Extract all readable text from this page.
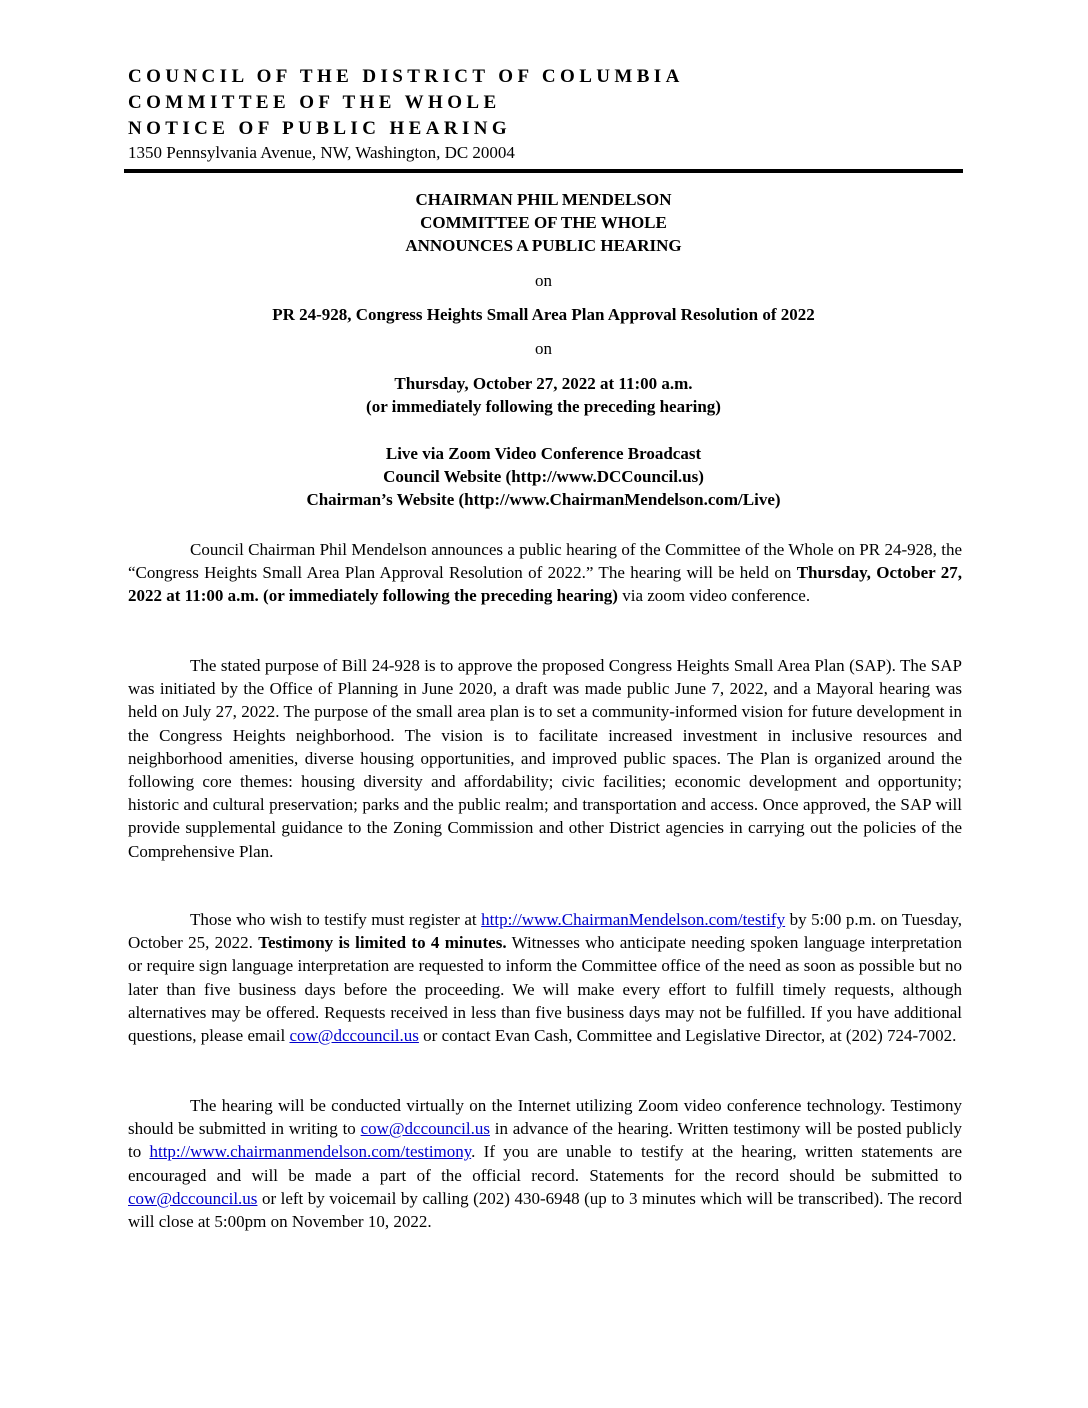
COUNCIL OF THE DISTRICT OF COLUMBIA
COMMITTEE OF THE WHOLE
NOTICE OF PUBLIC HEARING
1350 Pennsylvania Avenue, NW, Washington, DC 20004
CHAIRMAN PHIL MENDELSON
COMMITTEE OF THE WHOLE
ANNOUNCES A PUBLIC HEARING
on
PR 24-928, Congress Heights Small Area Plan Approval Resolution of 2022
on
Thursday, October 27, 2022 at 11:00 a.m.
(or immediately following the preceding hearing)
Live via Zoom Video Conference Broadcast
Council Website (http://www.DCCouncil.us)
Chairman’s Website (http://www.ChairmanMendelson.com/Live)
Council Chairman Phil Mendelson announces a public hearing of the Committee of the Whole on PR 24-928, the “Congress Heights Small Area Plan Approval Resolution of 2022.” The hearing will be held on Thursday, October 27, 2022 at 11:00 a.m. (or immediately following the preceding hearing) via zoom video conference.
The stated purpose of Bill 24-928 is to approve the proposed Congress Heights Small Area Plan (SAP). The SAP was initiated by the Office of Planning in June 2020, a draft was made public June 7, 2022, and a Mayoral hearing was held on July 27, 2022. The purpose of the small area plan is to set a community-informed vision for future development in the Congress Heights neighborhood. The vision is to facilitate increased investment in inclusive resources and neighborhood amenities, diverse housing opportunities, and improved public spaces. The Plan is organized around the following core themes: housing diversity and affordability; civic facilities; economic development and opportunity; historic and cultural preservation; parks and the public realm; and transportation and access. Once approved, the SAP will provide supplemental guidance to the Zoning Commission and other District agencies in carrying out the policies of the Comprehensive Plan.
Those who wish to testify must register at http://www.ChairmanMendelson.com/testify by 5:00 p.m. on Tuesday, October 25, 2022. Testimony is limited to 4 minutes. Witnesses who anticipate needing spoken language interpretation or require sign language interpretation are requested to inform the Committee office of the need as soon as possible but no later than five business days before the proceeding. We will make every effort to fulfill timely requests, although alternatives may be offered. Requests received in less than five business days may not be fulfilled. If you have additional questions, please email cow@dccouncil.us or contact Evan Cash, Committee and Legislative Director, at (202) 724-7002.
The hearing will be conducted virtually on the Internet utilizing Zoom video conference technology. Testimony should be submitted in writing to cow@dccouncil.us in advance of the hearing. Written testimony will be posted publicly to http://www.chairmanmendelson.com/testimony. If you are unable to testify at the hearing, written statements are encouraged and will be made a part of the official record. Statements for the record should be submitted to cow@dccouncil.us or left by voicemail by calling (202) 430-6948 (up to 3 minutes which will be transcribed). The record will close at 5:00pm on November 10, 2022.
